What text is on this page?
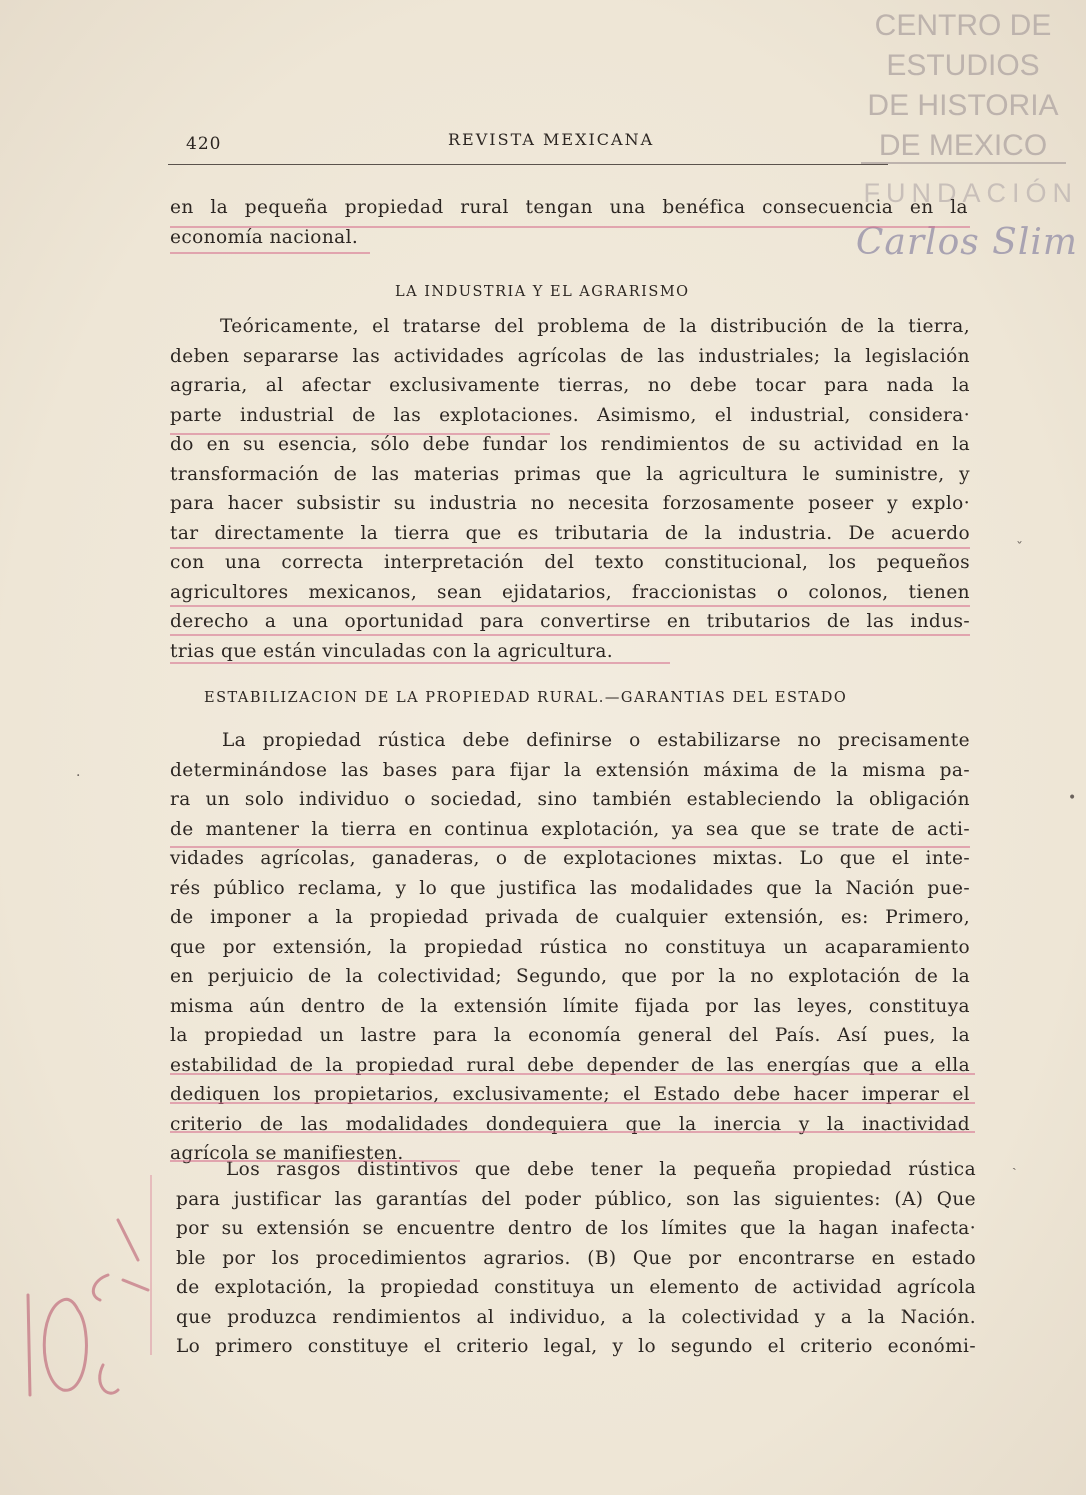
CENTRO DE
ESTUDIOS
DE HISTORIA
DE MEXICO
FUNDACIÓN
Carlos Slim
420	REVISTA MEXICANA
en la pequeña propiedad rural tengan una benéfica consecuencia en la
economía nacional.
LA INDUSTRIA Y EL AGRARISMO
Teóricamente, el tratarse del problema de la distribución de la tierra,
deben separarse las actividades agrícolas de las industriales; la legislación
agraria, al afectar exclusivamente tierras, no debe tocar para nada la
parte industrial de las explotaciones. Asimismo, el industrial, considera·
do en su esencia, sólo debe fundar los rendimientos de su actividad en la
transformación de las materias primas que la agricultura le suministre, y
para hacer subsistir su industria no necesita forzosamente poseer y explo·
tar directamente la tierra que es tributaria de la industria. De acuerdo
con una correcta interpretación del texto constitucional, los pequeños
agricultores mexicanos, sean ejidatarios, fraccionistas o colonos, tienen
derecho a una oportunidad para convertirse en tributarios de las indus-
trias que están vinculadas con la agricultura.
ESTABILIZACION DE LA PROPIEDAD RURAL.—GARANTIAS DEL ESTADO
La propiedad rústica debe definirse o estabilizarse no precisamente
determinándose las bases para fijar la extensión máxima de la misma pa-
ra un solo individuo o sociedad, sino también estableciendo la obligación
de mantener la tierra en continua explotación, ya sea que se trate de acti-
vidades agrícolas, ganaderas, o de explotaciones mixtas. Lo que el inte-
rés público reclama, y lo que justifica las modalidades que la Nación pue-
de imponer a la propiedad privada de cualquier extensión, es: Primero,
que por extensión, la propiedad rústica no constituya un acaparamiento
en perjuicio de la colectividad; Segundo, que por la no explotación de la
misma aún dentro de la extensión límite fijada por las leyes, constituya
la propiedad un lastre para la economía general del País. Así pues, la
estabilidad de la propiedad rural debe depender de las energías que a ella
dediquen los propietarios, exclusivamente; el Estado debe hacer imperar el
criterio de las modalidades dondequiera que la inercia y la inactividad
agrícola se manifiesten.
Los rasgos distintivos que debe tener la pequeña propiedad rústica
para justificar las garantías del poder público, son las siguientes: (A) Que
por su extensión se encuentre dentro de los límites que la hagan inafecta·
ble por los procedimientos agrarios. (B) Que por encontrarse en estado
de explotación, la propiedad constituya un elemento de actividad agrícola
que produzca rendimientos al individuo, a la colectividad y a la Nación.
Lo primero constituye el criterio legal, y lo segundo el criterio económi-
10
ˇ
•
ˎ
·
